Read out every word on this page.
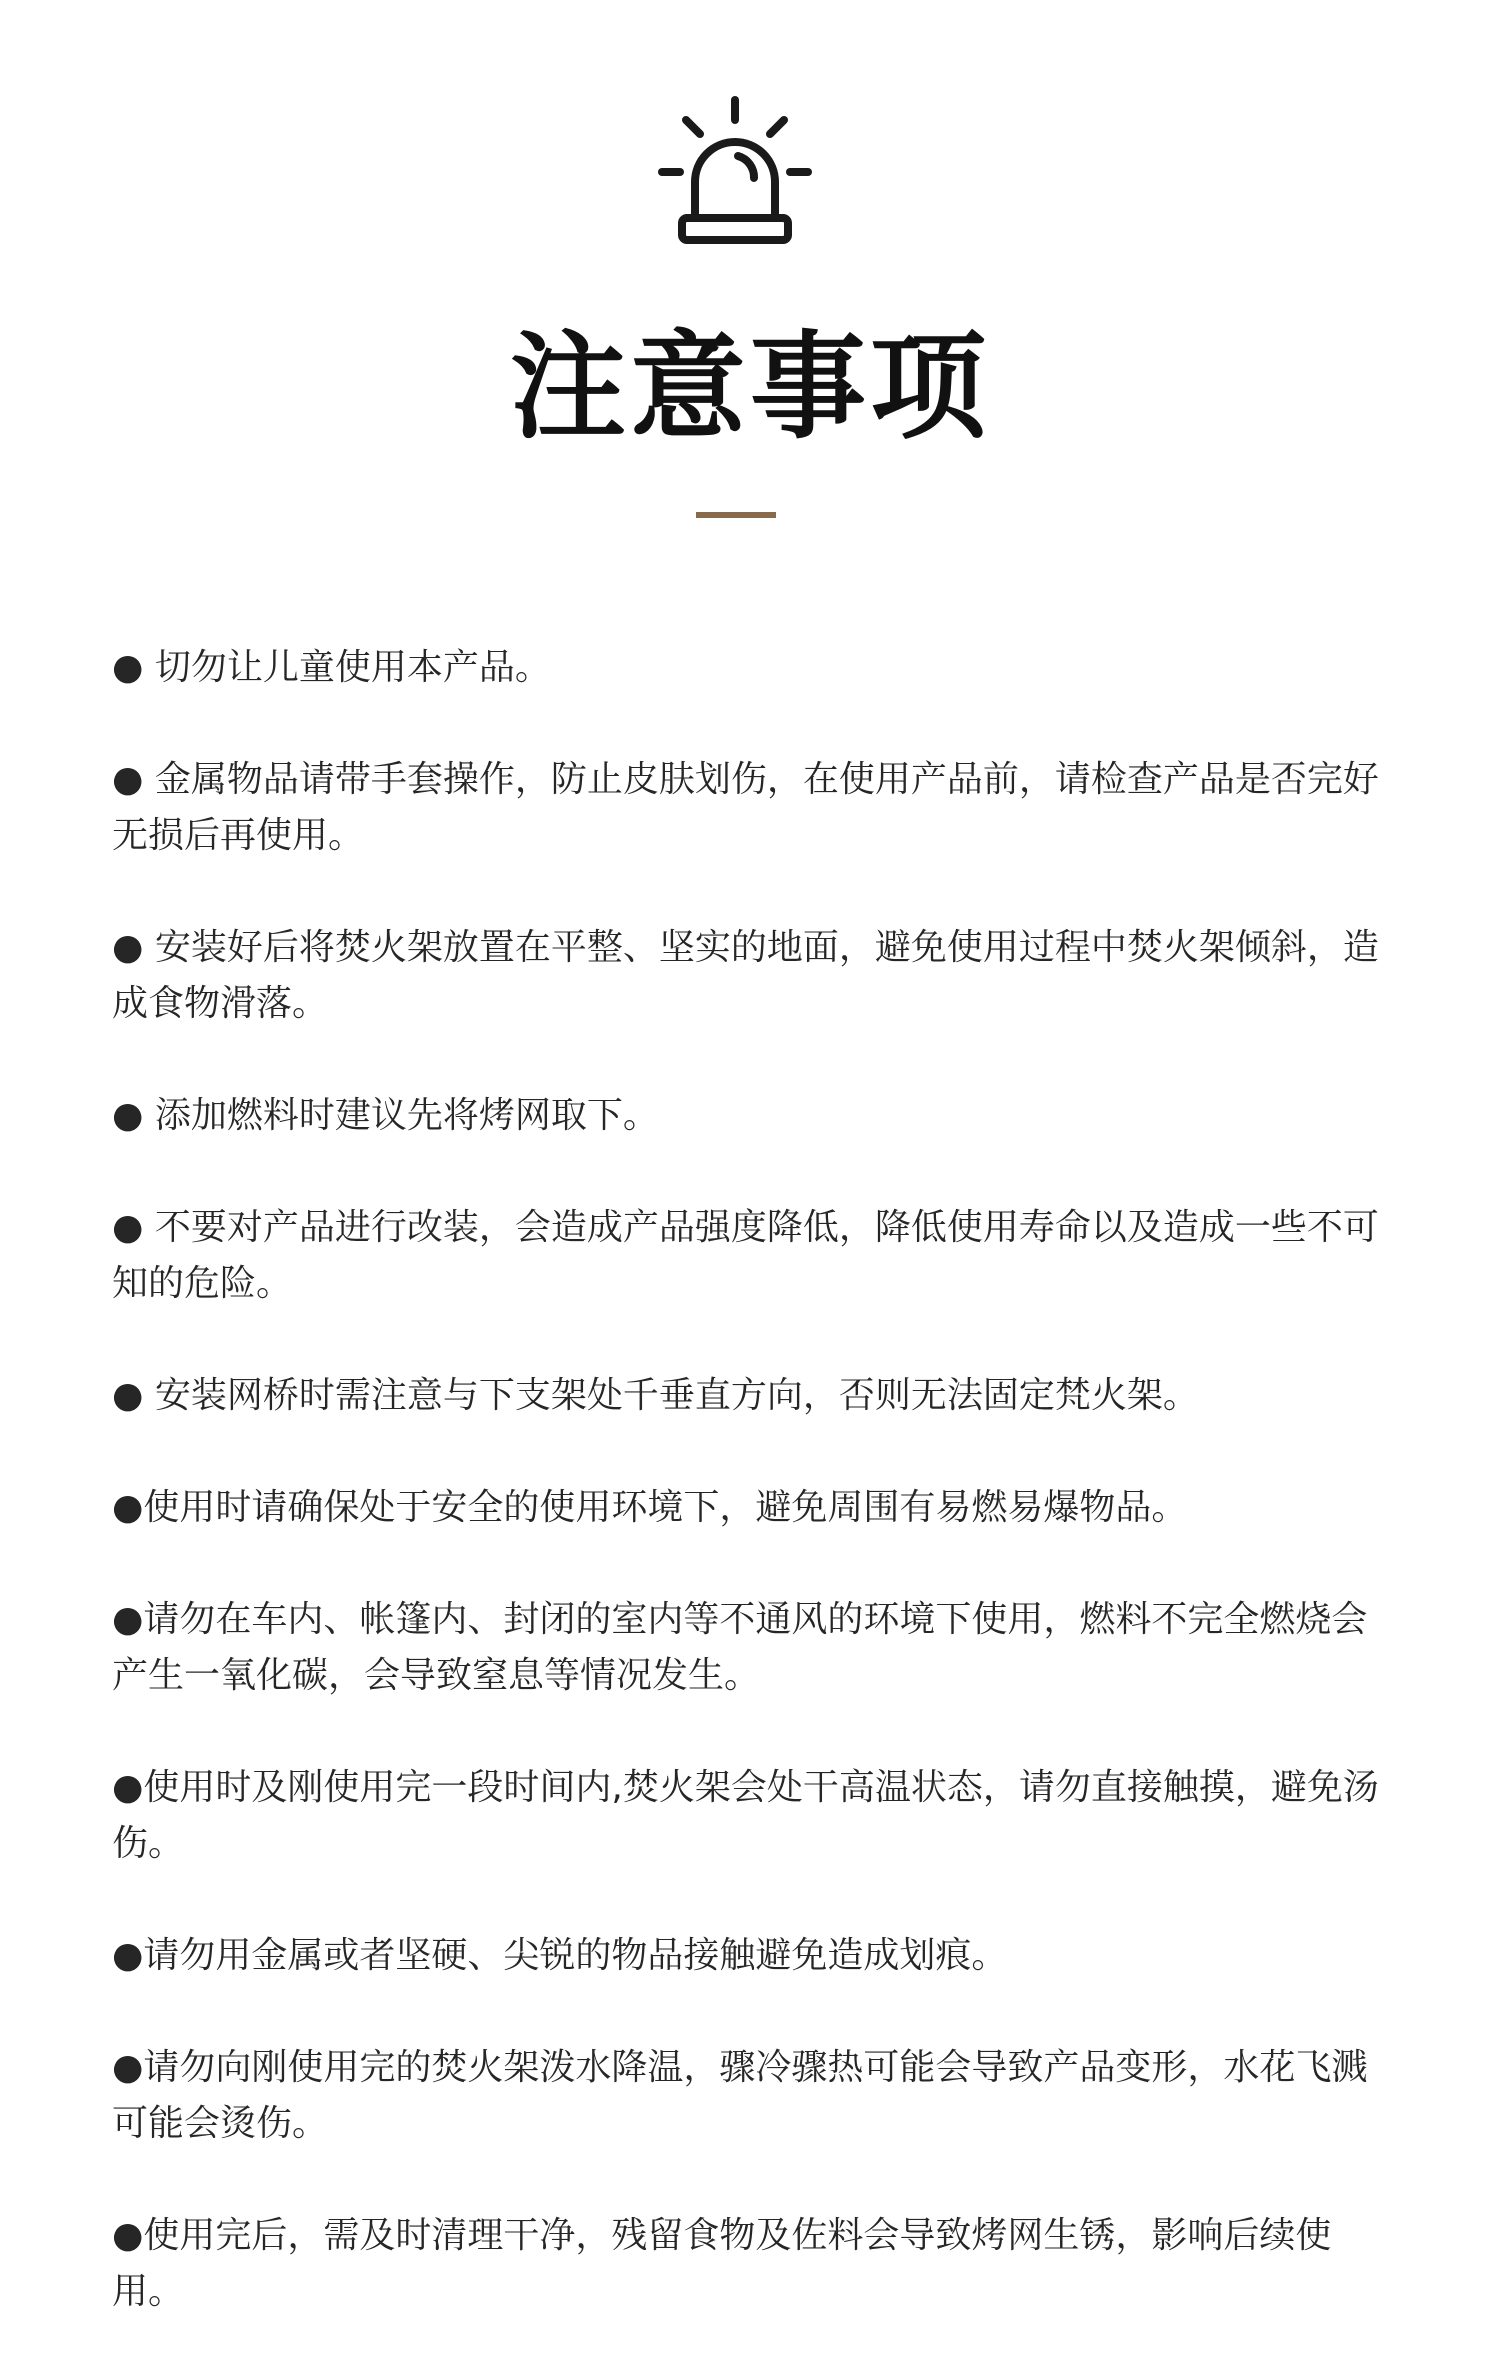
注意事项
● 切勿让儿童使用本产品。
● 金属物品请带手套操作，防止皮肤划伤，在使用产品前，请检查产品是否完好无损后再使用。
● 安装好后将焚火架放置在平整、坚实的地面，避免使用过程中焚火架倾斜，造成食物滑落。
● 添加燃料时建议先将烤网取下。
● 不要对产品进行改装，会造成产品强度降低，降低使用寿命以及造成一些不可知的危险。
● 安装网桥时需注意与下支架处千垂直方向，否则无法固定梵火架。
●使用时请确保处于安全的使用环境下，避免周围有易燃易爆物品。
●请勿在车内、帐篷内、封闭的室内等不通风的环境下使用，燃料不完全燃烧会产生一氧化碳，会导致窒息等情况发生。
●使用时及刚使用完一段时间内,焚火架会处干高温状态，请勿直接触摸，避免汤伤。
●请勿用金属或者坚硬、尖锐的物品接触避免造成划痕。
●请勿向刚使用完的焚火架泼水降温，骤冷骤热可能会导致产品变形，水花飞溅可能会烫伤。
●使用完后，需及时清理干净，残留食物及佐料会导致烤网生锈，影响后续使用。
